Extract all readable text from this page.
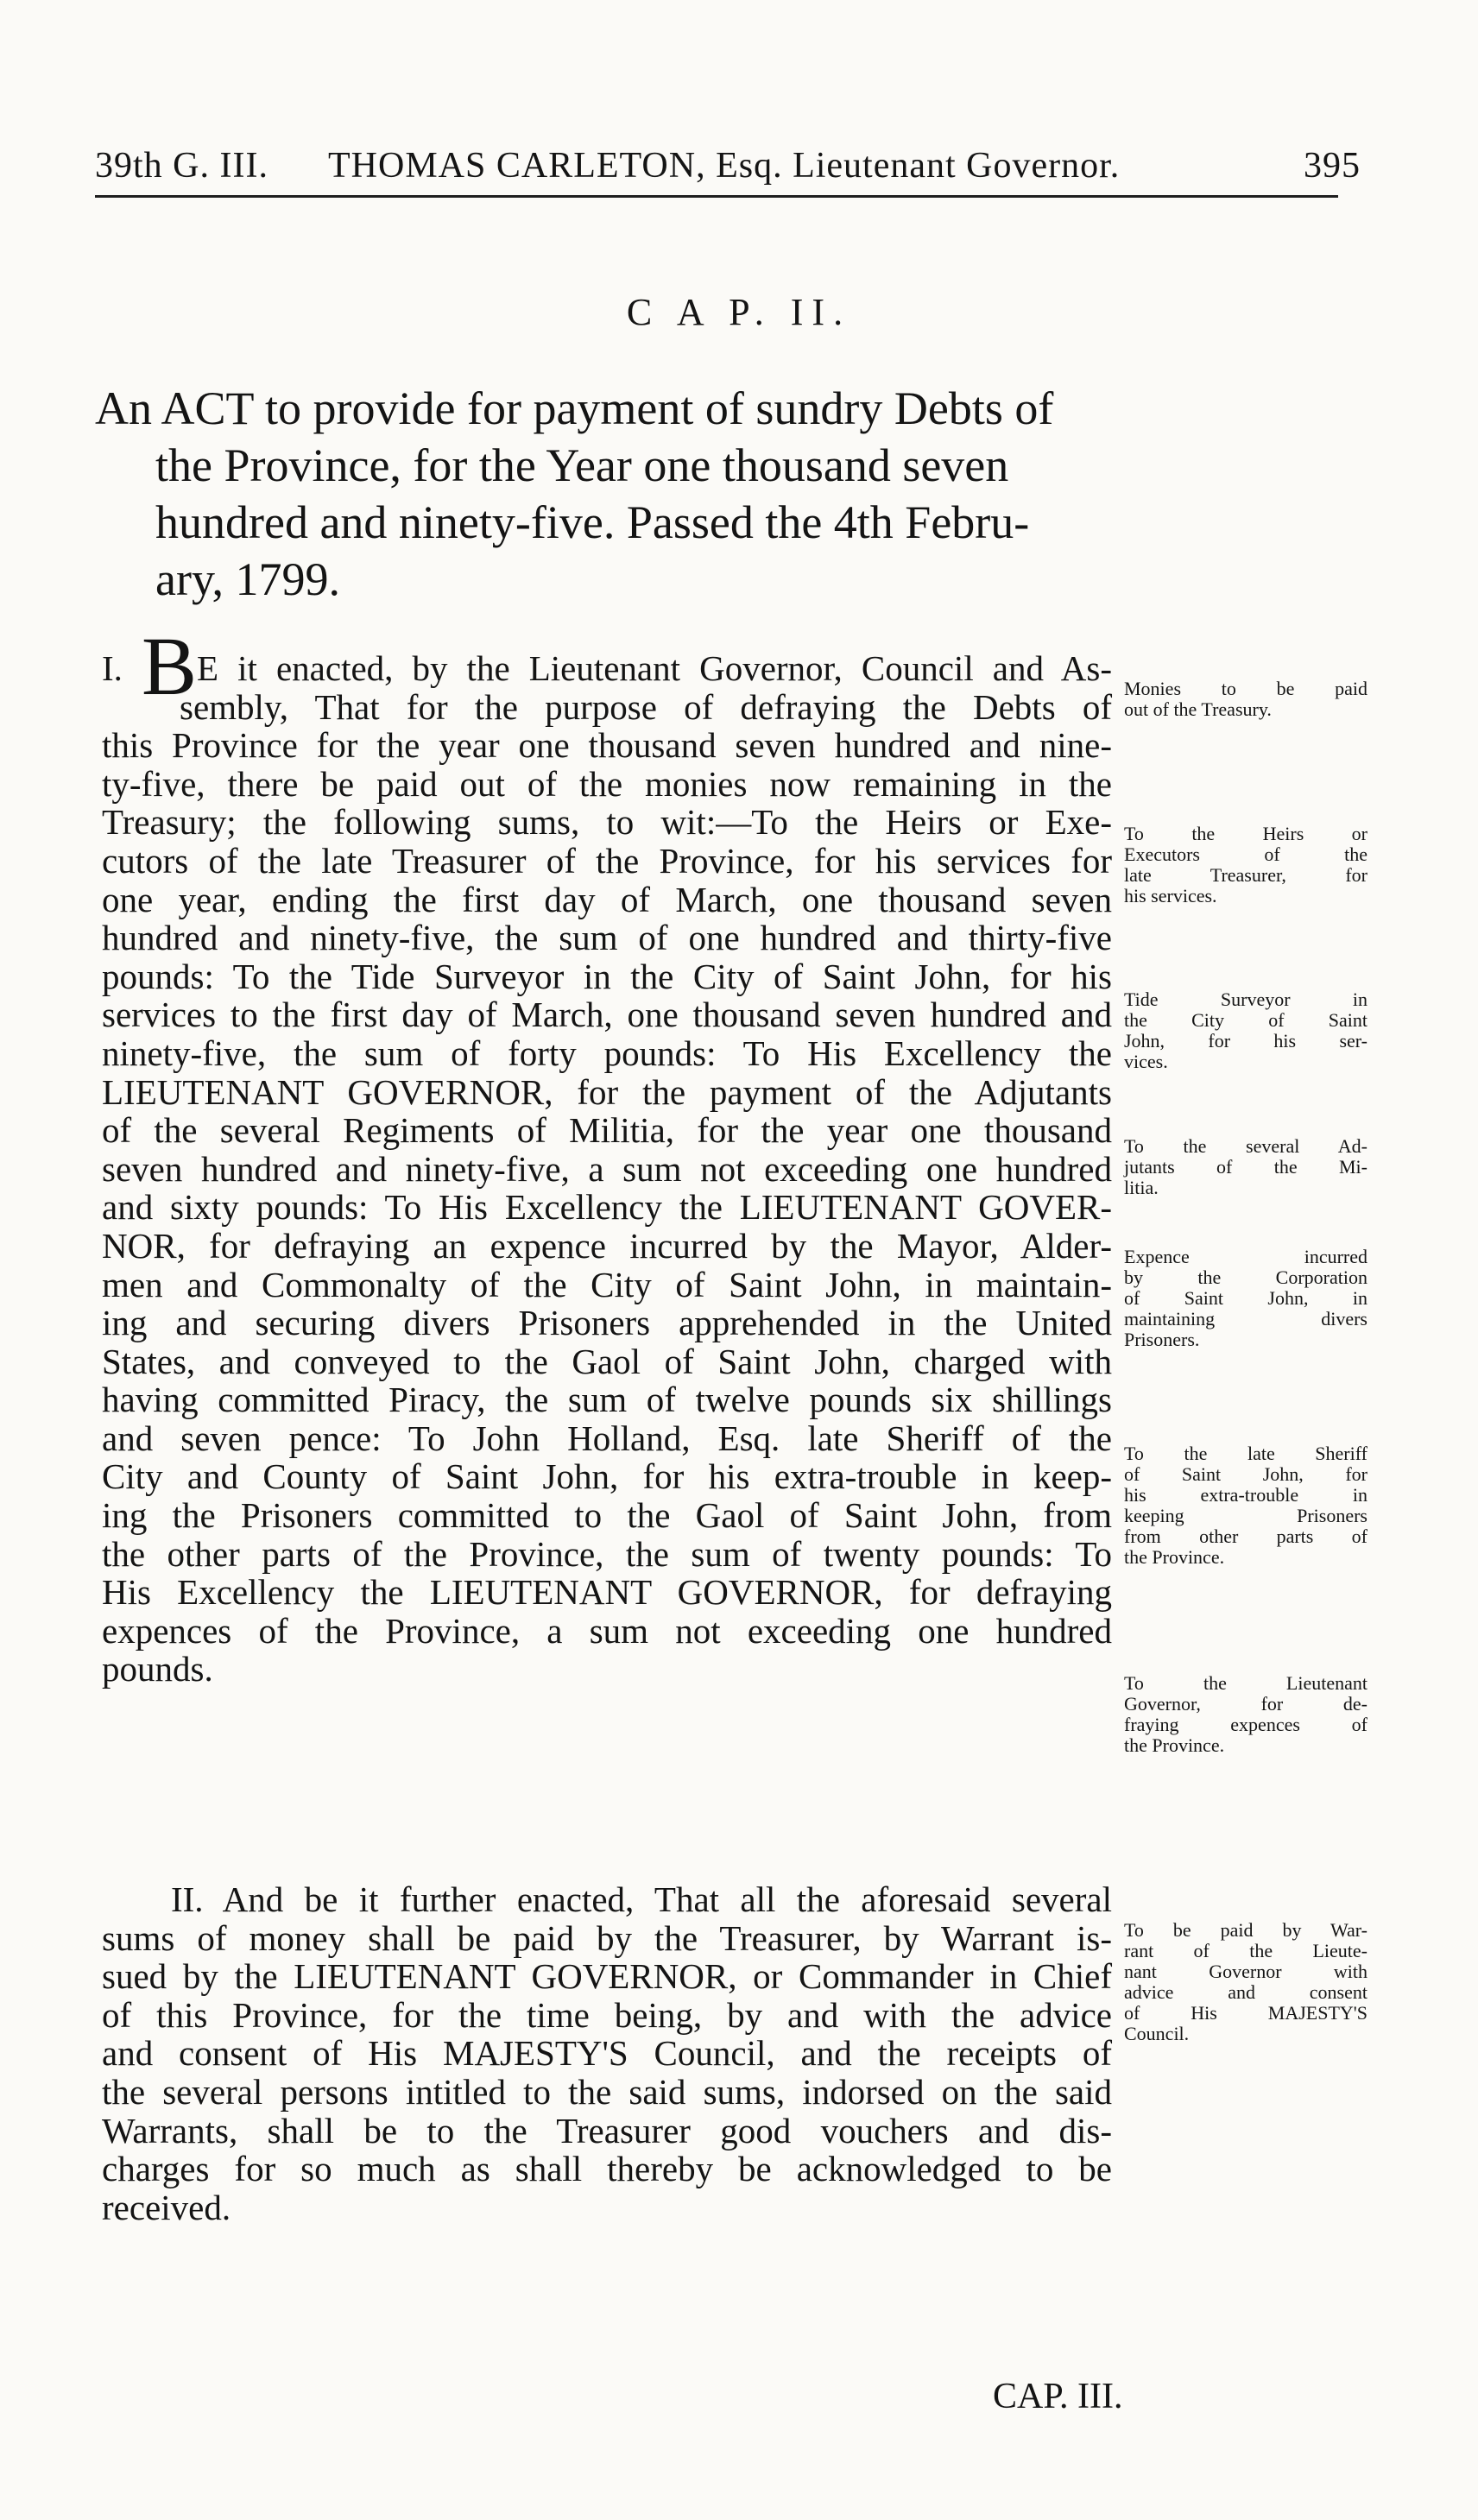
39th G. III. THOMAS CARLETON, Esq. Lieutenant Governor.	395
C A P. II.
An ACT to provide for payment of sundry Debts of
the Province, for the Year one thousand seven
hundred and ninety-five. Passed the 4th Febru-
ary, 1799.
I. BE it enacted, by the Lieutenant Governor, Council and As-
sembly, That for the purpose of defraying the Debts of
this Province for the year one thousand seven hundred and nine-
ty-five, there be paid out of the monies now remaining in the
Treasury; the following sums, to wit:—To the Heirs or Exe-
cutors of the late Treasurer of the Province, for his services for
one year, ending the first day of March, one thousand seven
hundred and ninety-five, the sum of one hundred and thirty-five
pounds: To the Tide Surveyor in the City of Saint John, for his
services to the first day of March, one thousand seven hundred and
ninety-five, the sum of forty pounds: To His Excellency the
LIEUTENANT GOVERNOR, for the payment of the Adjutants
of the several Regiments of Militia, for the year one thousand
seven hundred and ninety-five, a sum not exceeding one hundred
and sixty pounds: To His Excellency the LIEUTENANT GOVER-
NOR, for defraying an expence incurred by the Mayor, Alder-
men and Commonalty of the City of Saint John, in maintain-
ing and securing divers Prisoners apprehended in the United
States, and conveyed to the Gaol of Saint John, charged with
having committed Piracy, the sum of twelve pounds six shillings
and seven pence: To John Holland, Esq. late Sheriff of the
City and County of Saint John, for his extra-trouble in keep-
ing the Prisoners committed to the Gaol of Saint John, from
the other parts of the Province, the sum of twenty pounds: To
His Excellency the LIEUTENANT GOVERNOR, for defraying
expences of the Province, a sum not exceeding one hundred
pounds.
Monies to be paid
out of the Treasury.
To the Heirs or
Executors of the
late Treasurer, for
his services.
Tide Surveyor in
the City of Saint
John, for his ser-
vices.
To the several Ad-
jutants of the Mi-
litia.
Expence incurred
by the Corporation
of Saint John, in
maintaining divers
Prisoners.
To the late Sheriff
of Saint John, for
his extra-trouble in
keeping Prisoners
from other parts of
the Province.
To the Lieutenant
Governor, for de-
fraying expences of
the Province.
II. And be it further enacted, That all the aforesaid several
sums of money shall be paid by the Treasurer, by Warrant is-
sued by the LIEUTENANT GOVERNOR, or Commander in Chief
of this Province, for the time being, by and with the advice
and consent of His MAJESTY'S Council, and the receipts of
the several persons intitled to the said sums, indorsed on the said
Warrants, shall be to the Treasurer good vouchers and dis-
charges for so much as shall thereby be acknowledged to be
received.
To be paid by War-
rant of the Lieute-
nant Governor with
advice and consent
of His MAJESTY'S
Council.
CAP. III.
